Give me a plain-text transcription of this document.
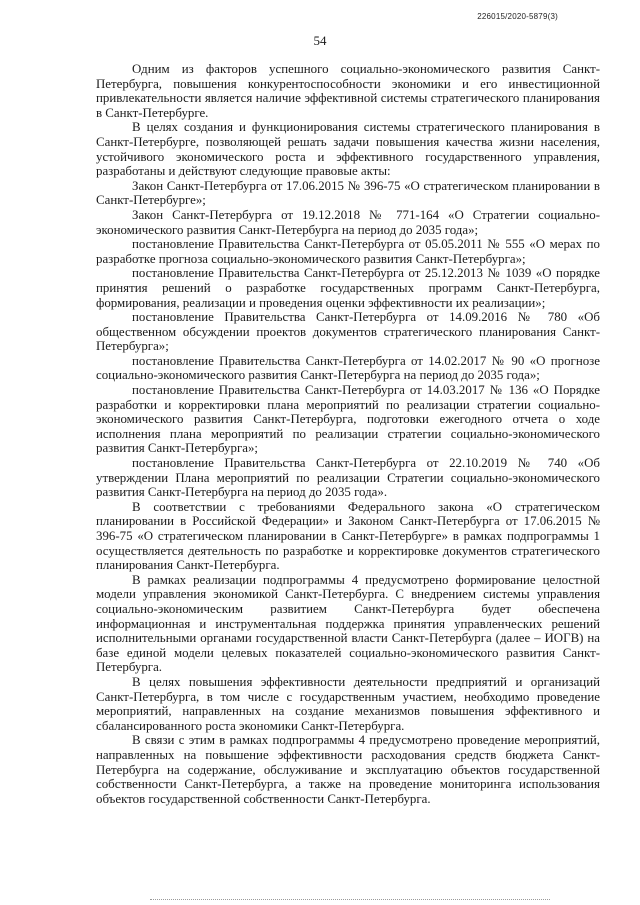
226015/2020-5879(3)
54

Одним из факторов успешного социально-экономического развития Санкт-Петербурга, повышения конкурентоспособности экономики и его инвестиционной привлекательности является наличие эффективной системы стратегического планирования в Санкт-Петербурге.

В целях создания и функционирования системы стратегического планирования в Санкт-Петербурге, позволяющей решать задачи повышения качества жизни населения, устойчивого экономического роста и эффективного государственного управления, разработаны и действуют следующие правовые акты:

Закон Санкт-Петербурга от 17.06.2015 № 396-75 «О стратегическом планировании в Санкт-Петербурге»;

Закон Санкт-Петербурга от 19.12.2018 № 771-164 «О Стратегии социально-экономического развития Санкт-Петербурга на период до 2035 года»;

постановление Правительства Санкт-Петербурга от 05.05.2011 № 555 «О мерах по разработке прогноза социально-экономического развития Санкт-Петербурга»;

постановление Правительства Санкт-Петербурга от 25.12.2013 № 1039 «О порядке принятия решений о разработке государственных программ Санкт-Петербурга, формирования, реализации и проведения оценки эффективности их реализации»;

постановление Правительства Санкт-Петербурга от 14.09.2016 № 780 «Об общественном обсуждении проектов документов стратегического планирования Санкт-Петербурга»;

постановление Правительства Санкт-Петербурга от 14.02.2017 № 90 «О прогнозе социально-экономического развития Санкт-Петербурга на период до 2035 года»;

постановление Правительства Санкт-Петербурга от 14.03.2017 № 136 «О Порядке разработки и корректировки плана мероприятий по реализации стратегии социально-экономического развития Санкт-Петербурга, подготовки ежегодного отчета о ходе исполнения плана мероприятий по реализации стратегии социально-экономического развития Санкт-Петербурга»;

постановление Правительства Санкт-Петербурга от 22.10.2019 № 740 «Об утверждении Плана мероприятий по реализации Стратегии социально-экономического развития Санкт-Петербурга на период до 2035 года».

В соответствии с требованиями Федерального закона «О стратегическом планировании в Российской Федерации» и Законом Санкт-Петербурга от 17.06.2015 № 396-75 «О стратегическом планировании в Санкт-Петербурге» в рамках подпрограммы 1 осуществляется деятельность по разработке и корректировке документов стратегического планирования Санкт-Петербурга.

В рамках реализации подпрограммы 4 предусмотрено формирование целостной модели управления экономикой Санкт-Петербурга. С внедрением системы управления социально-экономическим развитием Санкт-Петербурга будет обеспечена информационная и инструментальная поддержка принятия управленческих решений исполнительными органами государственной власти Санкт-Петербурга (далее – ИОГВ) на базе единой модели целевых показателей социально-экономического развития Санкт-Петербурга.

В целях повышения эффективности деятельности предприятий и организаций Санкт-Петербурга, в том числе с государственным участием, необходимо проведение мероприятий, направленных на создание механизмов повышения эффективного и сбалансированного роста экономики Санкт-Петербурга.

В связи с этим в рамках подпрограммы 4 предусмотрено проведение мероприятий, направленных на повышение эффективности расходования средств бюджета Санкт-Петербурга на содержание, обслуживание и эксплуатацию объектов государственной собственности Санкт-Петербурга, а также на проведение мониторинга использования объектов государственной собственности Санкт-Петербурга.
